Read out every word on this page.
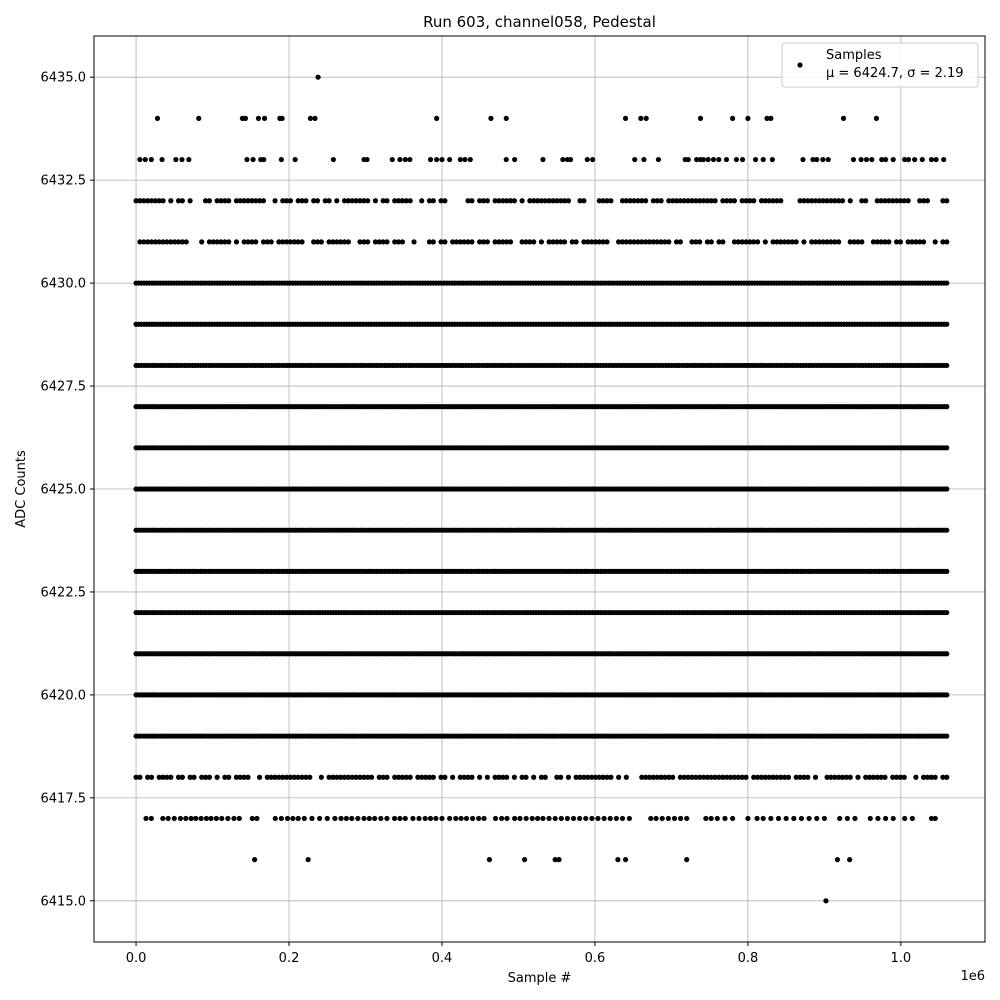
Run 603, channel058, Pedestal
0.0	0.2	0.4	0.6	0.8	1.0
6415.0
6417.5
6420.0
6422.5
6425.0
6427.5
6430.0
6432.5
6435.0
Sample #
ADC Counts
1e6
Samples
μ = 6424.7, σ = 2.19
